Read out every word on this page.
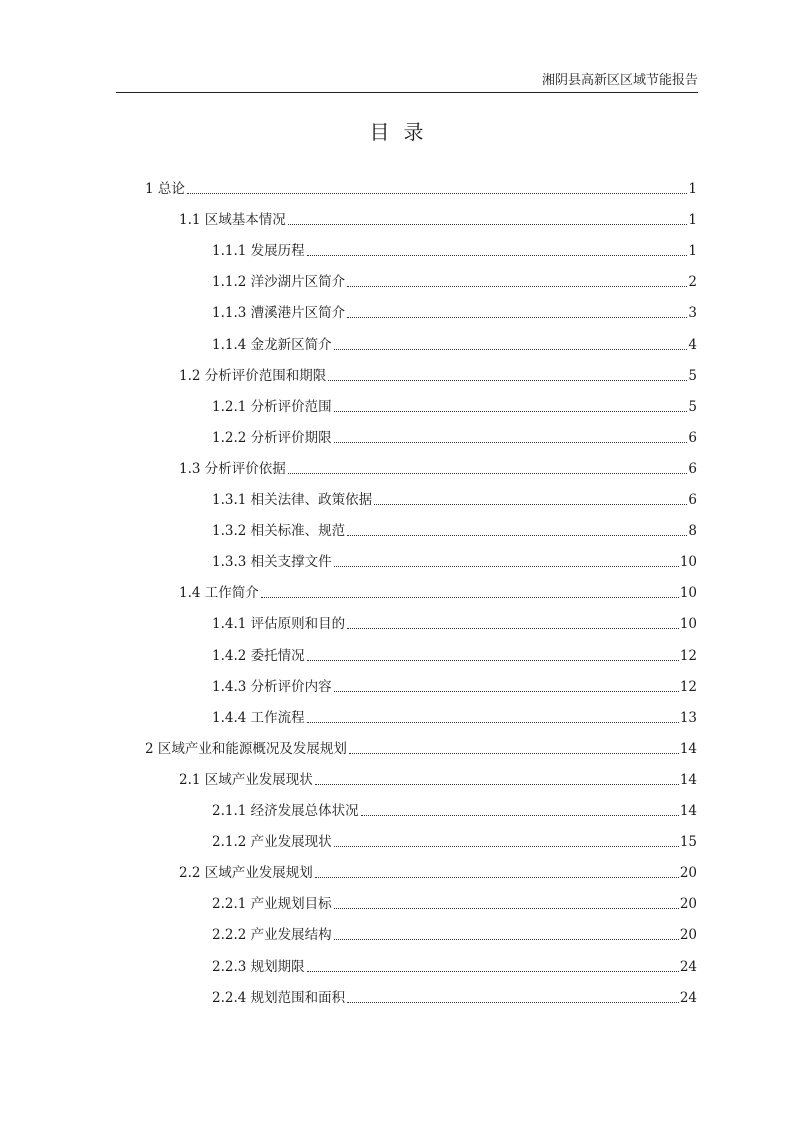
湘阴县高新区区域节能报告
目录
1 总论	1
1.1 区域基本情况	1
1.1.1 发展历程	1
1.1.2 洋沙湖片区简介	2
1.1.3 漕溪港片区简介	3
1.1.4 金龙新区简介	4
1.2 分析评价范围和期限	5
1.2.1 分析评价范围	5
1.2.2 分析评价期限	6
1.3 分析评价依据	6
1.3.1 相关法律、政策依据	6
1.3.2 相关标准、规范	8
1.3.3 相关支撑文件	10
1.4 工作简介	10
1.4.1 评估原则和目的	10
1.4.2 委托情况	12
1.4.3 分析评价内容	12
1.4.4 工作流程	13
2 区域产业和能源概况及发展规划	14
2.1 区域产业发展现状	14
2.1.1 经济发展总体状况	14
2.1.2 产业发展现状	15
2.2 区域产业发展规划	20
2.2.1 产业规划目标	20
2.2.2 产业发展结构	20
2.2.3 规划期限	24
2.2.4 规划范围和面积	24
